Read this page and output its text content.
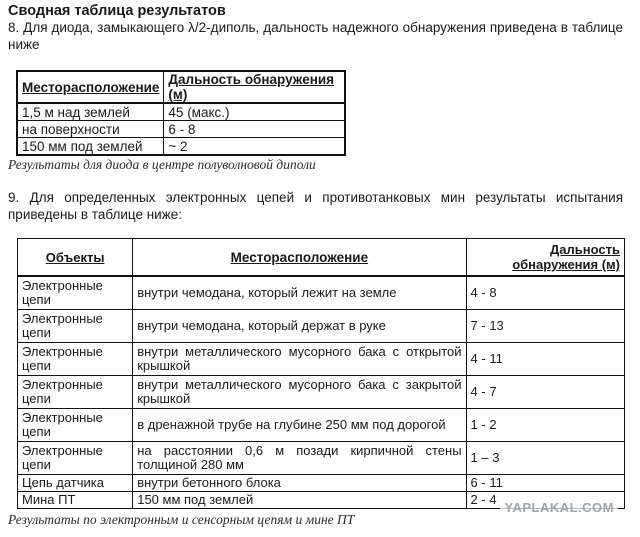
Сводная таблица результатов
8. Для диода, замыкающего λ/2-диполь, дальность надежного обнаружения приведена в таблице ниже
Месторасположение	Дальность обнаружения (м)
1,5 м над землей	45 (макс.)
на поверхности	6 - 8
150 мм под землей	~ 2
Результаты для диода в центре полуволновой диполи
9. Для определенных электронных цепей и противотанковых мин результаты испытания приведены в таблице ниже:
Объекты	Месторасположение	Дальность обнаружения (м)
Электронные цепи	внутри чемодана, который лежит на земле	4 - 8
Электронные цепи	внутри чемодана, который держат в руке	7 - 13
Электронные цепи	внутри металлического мусорного бака с открытой крышкой	4 - 11
Электронные цепи	внутри металлического мусорного бака с закрытой крышкой	4 - 7
Электронные цепи	в дренажной трубе на глубине 250 мм под дорогой	1 - 2
Электронные цепи	на расстоянии 0,6 м позади кирпичной стены толщиной 280 мм	1 – 3
Цепь датчика	внутри бетонного блока	6 - 11
Мина ПТ	150 мм под землей	2 - 4
YAPLAKAL.COM
Результаты по электронным и сенсорным цепям и мине ПТ
